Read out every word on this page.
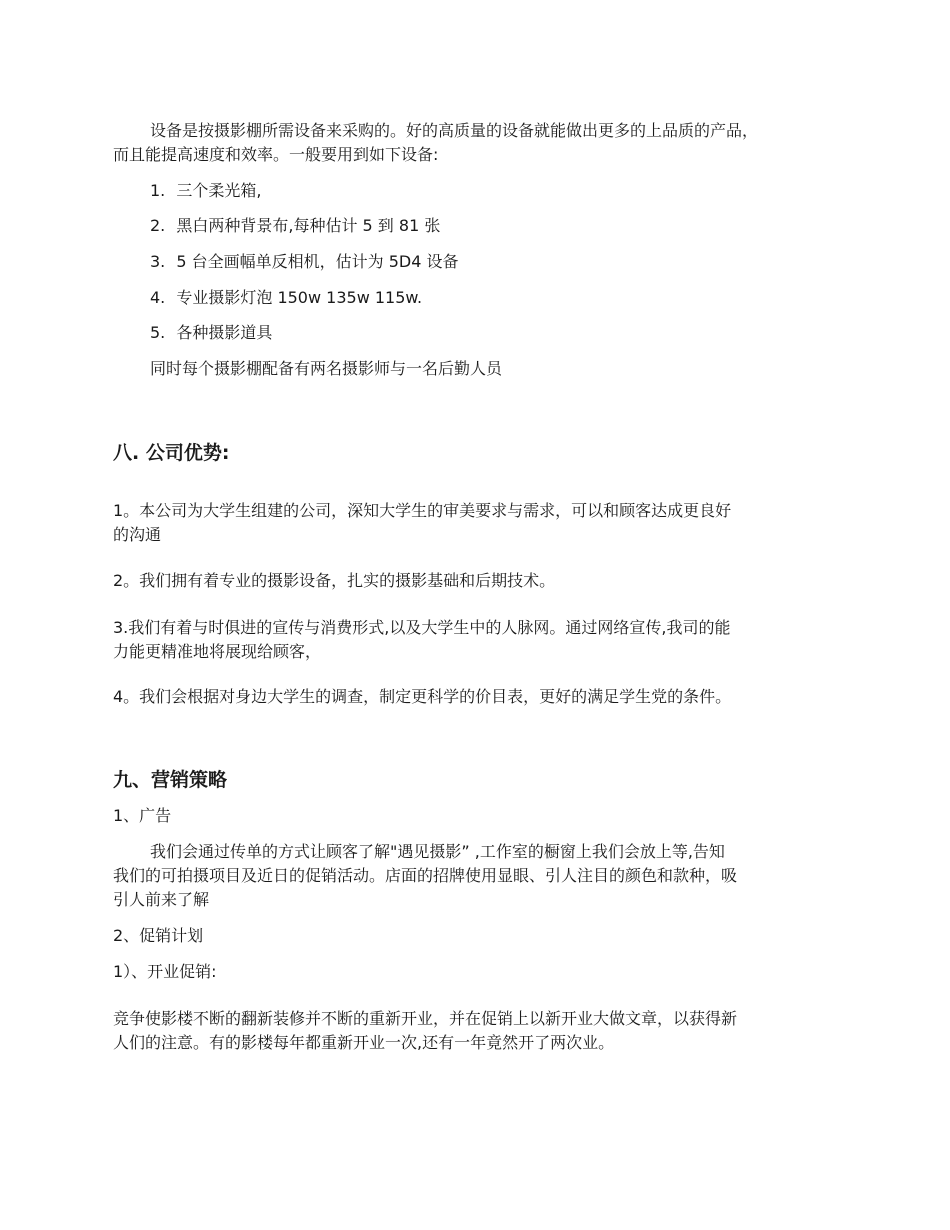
设备是按摄影棚所需设备来采购的。好的高质量的设备就能做出更多的上品质的产品，
而且能提高速度和效率。一般要用到如下设备:
1. 三个柔光箱,
2. 黑白两种背景布,每种估计 5 到 81 张
3. 5 台全画幅单反相机，估计为 5D4 设备
4. 专业摄影灯泡 150w 135w 115w.
5. 各种摄影道具
同时每个摄影棚配备有两名摄影师与一名后勤人员
八. 公司优势:
1。本公司为大学生组建的公司，深知大学生的审美要求与需求，可以和顾客达成更良好
的沟通
2。我们拥有着专业的摄影设备，扎实的摄影基础和后期技术。
3.我们有着与时俱进的宣传与消费形式,以及大学生中的人脉网。通过网络宣传,我司的能
力能更精准地将展现给顾客，
4。我们会根据对身边大学生的调查，制定更科学的价目表，更好的满足学生党的条件。
九、营销策略
1、广告
我们会通过传单的方式让顾客了解"遇见摄影” ,工作室的橱窗上我们会放上等,告知
我们的可拍摄项目及近日的促销活动。店面的招牌使用显眼、引人注目的颜色和款种，吸
引人前来了解
2、促销计划
1）、开业促销:
竞争使影楼不断的翻新装修并不断的重新开业，并在促销上以新开业大做文章，以获得新
人们的注意。有的影楼每年都重新开业一次,还有一年竟然开了两次业。
